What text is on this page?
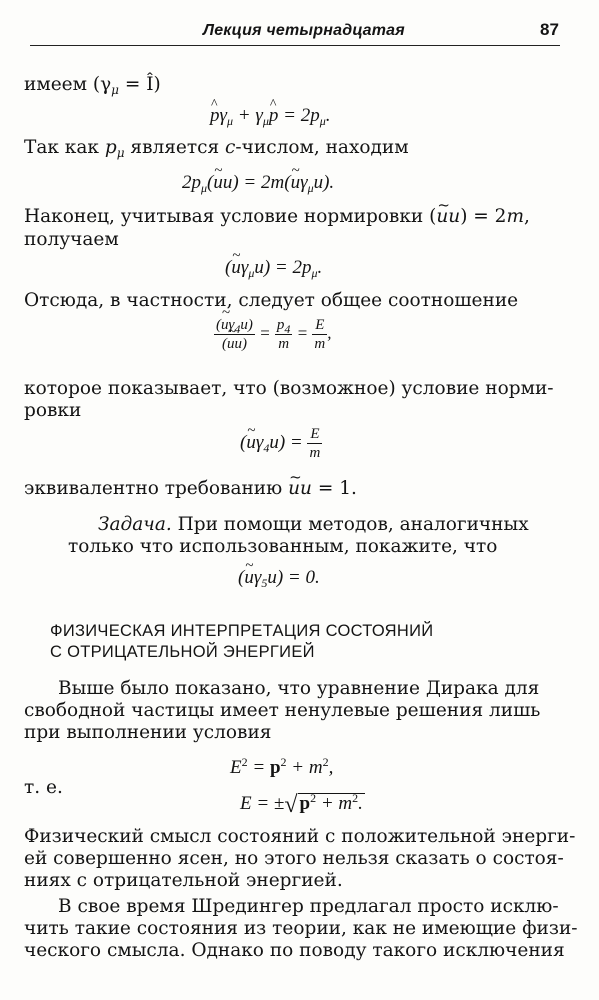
Лекция четырнадцатая	87
имеем ($\gamma_\mu$ = Î)
^ $p\gamma_\mu$ + $\gamma_\mu\^{}$ $p = 2p_\mu$.
Так как $p_\mu$ является c-числом, находим
$2p_\mu(\sim$ uu) = 2m(~ $u\gamma_\mu u$).
Наконец, учитывая условие нормировки (~ uu) = 2m,
получаем
(~ $u\gamma_\mu u) = 2p_\mu$.
Отсюда, в частности, следует общее соотношение
$\frac{(\sim u\gamma_4u)}{(\sim uu)} = \frac{p_4}{m} = \frac{E}{m}$ ,
которое показывает, что (возможное) условие норми-
ровки
(~ $u\gamma_4u) = \frac{E}{m}$
эквивалентно требованию ~ uu = 1.
Задача. При помощи методов, аналогичных
только что использованным, покажите, что
(~ $u\gamma_5u) = 0$.
ФИЗИЧЕСКАЯ ИНТЕРПРЕТАЦИЯ СОСТОЯНИЙ
С ОТРИЦАТЕЛЬНОЙ ЭНЕРГИЕЙ
Выше было показано, что уравнение Дирака для
свободной частицы имеет ненулевые решения лишь
при выполнении условия
$E^2 = p^2 + m^2$,
т. е.
E = ±√ $p^2 + m^2$.
Физический смысл состояний с положительной энерги-
ей совершенно ясен, но этого нельзя сказать о состоя-
ниях с отрицательной энергией.
В свое время Шредингер предлагал просто исклю-
чить такие состояния из теории, как не имеющие физи-
ческого смысла. Однако по поводу такого исключения
